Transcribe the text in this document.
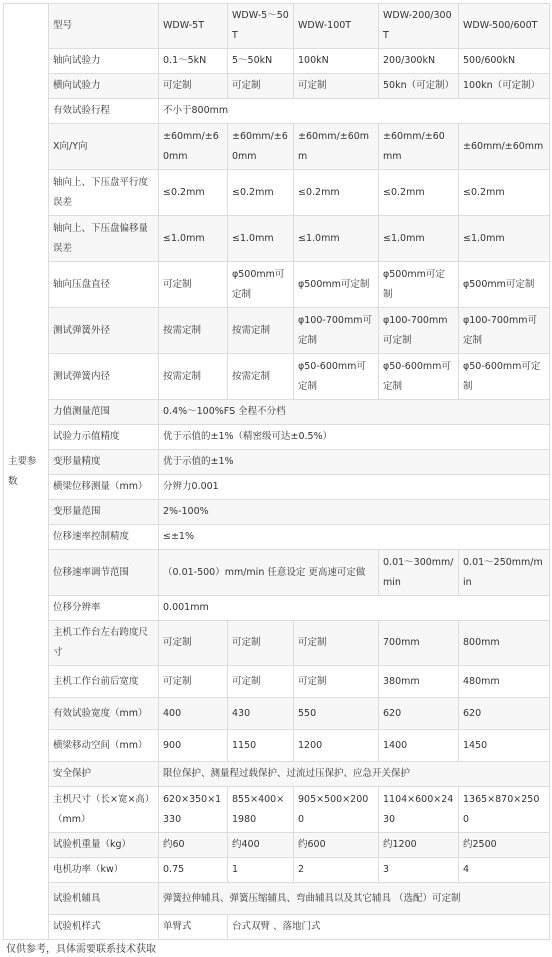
主要参数	型号	WDW-5T	WDW-5～50T	WDW-100T	WDW-200/300T	WDW-500/600T
	轴向试验力	0.1～5kN	5～50kN	100kN	200/300kN	500/600kN
	横向试验力	可定制	可定制	可定制	50kn（可定制）	100kn（可定制）
	有效试验行程	不小于800mm				
	X向/Y向	±60mm/±60mm	±60mm/±60mm	±60mm/±60mm	±60mm/±60mm	±60mm/±60mm
	轴向上、下压盘平行度误差	≤0.2mm	≤0.2mm	≤0.2mm	≤0.2mm	≤0.2mm
	轴向上、下压盘偏移量误差	≤1.0mm	≤1.0mm	≤1.0mm	≤1.0mm	≤1.0mm
	轴向压盘直径	可定制	φ500mm可定制	φ500mm可定制	φ500mm可定制	φ500mm可定制
	测试弹簧外径	按需定制	按需定制	φ100-700mm可定制	φ100-700mm可定制	φ100-700mm可定制
	测试弹簧内径	按需定制	按需定制	φ50-600mm可定制	φ50-600mm可定制	φ50-600mm可定制
	力值测量范围	0.4%～100%FS 全程不分档				
	试验力示值精度	优于示值的±1%（精密级可达±0.5%）				
	变形量精度	优于示值的±1%				
	横梁位移测量（mm）	分辨力0.001				
	变形量范围	2%-100%				
	位移速率控制精度	≤±1%				
	位移速率调节范围	（0.01-500）mm/min 任意设定 更高速可定做			0.01～300mm/min	0.01～250mm/min
	位移分辨率	0.001mm				
	主机工作台左右跨度尺寸	可定制	可定制	可定制	700mm	800mm
	主机工作台前后宽度	可定制	可定制	可定制	380mm	480mm
	有效试验宽度（mm）	400	430	550	620	620
	横梁移动空间（mm）	900	1150	1200	1400	1450
	安全保护	限位保护、测量程过载保护、过流过压保护、应急开关保护				
	主机尺寸（长×宽×高）（mm）	620×350×1330	855×400×1980	905×500×2000	1104×600×2430	1365×870×2500
	试验机重量（kg）	约60	约400	约600	约1200	约2500
	电机功率（kw）	0.75	1	2	3	4
	试验机辅具	弹簧拉伸辅具、弹簧压缩辅具、弯曲辅具以及其它辅具 （选配）可定制				
	试验机样式	单臂式	台式双臂 、落地门式			
仅供参考，具体需要联系技术获取
